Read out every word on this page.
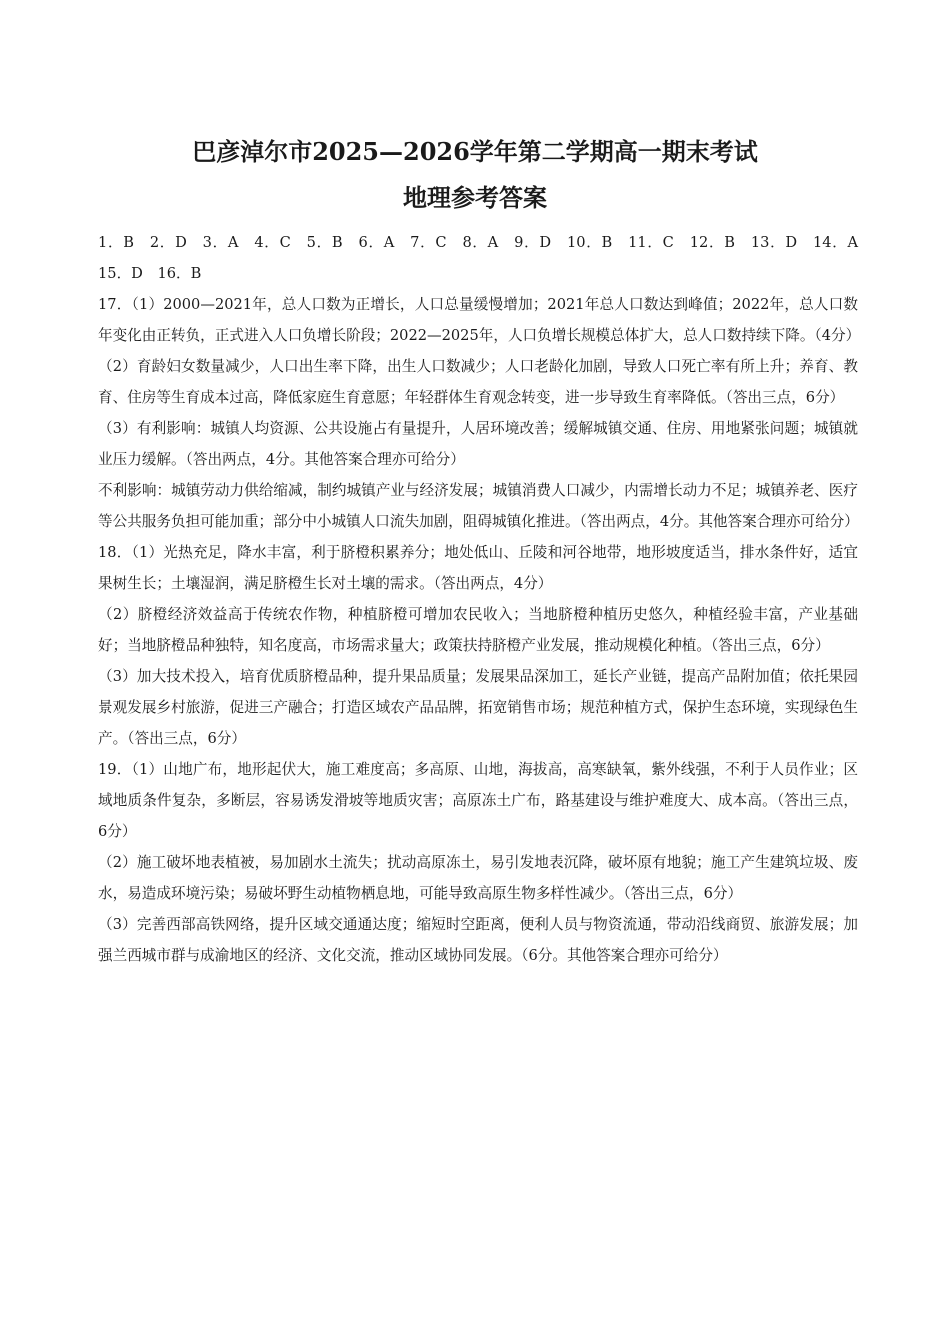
巴彦淖尔市2025—2026学年第二学期高一期末考试
地理参考答案

1．B　2．D　3．A　4．C　5．B　6．A　7．C　8．A　9．D　10．B　11．C　12．B　13．D　14．A　15．D　16．B

17．（1）2000—2021年，总人口数为正增长，人口总量缓慢增加；2021年总人口数达到峰值；2022年，总人口数年变化由正转负，正式进入人口负增长阶段；2022—2025年，人口负增长规模总体扩大，总人口数持续下降。（4分）

（2）育龄妇女数量减少，人口出生率下降，出生人口数减少；人口老龄化加剧，导致人口死亡率有所上升；养育、教育、住房等生育成本过高，降低家庭生育意愿；年轻群体生育观念转变，进一步导致生育率降低。（答出三点，6分）

（3）有利影响：城镇人均资源、公共设施占有量提升，人居环境改善；缓解城镇交通、住房、用地紧张问题；城镇就业压力缓解。（答出两点，4分。其他答案合理亦可给分）

不利影响：城镇劳动力供给缩减，制约城镇产业与经济发展；城镇消费人口减少，内需增长动力不足；城镇养老、医疗等公共服务负担可能加重；部分中小城镇人口流失加剧，阻碍城镇化推进。（答出两点，4分。其他答案合理亦可给分）

18．（1）光热充足，降水丰富，利于脐橙积累养分；地处低山、丘陵和河谷地带，地形坡度适当，排水条件好，适宜果树生长；土壤湿润，满足脐橙生长对土壤的需求。（答出两点，4分）

（2）脐橙经济效益高于传统农作物，种植脐橙可增加农民收入；当地脐橙种植历史悠久，种植经验丰富，产业基础好；当地脐橙品种独特，知名度高，市场需求量大；政策扶持脐橙产业发展，推动规模化种植。（答出三点，6分）

（3）加大技术投入，培育优质脐橙品种，提升果品质量；发展果品深加工，延长产业链，提高产品附加值；依托果园景观发展乡村旅游，促进三产融合；打造区域农产品品牌，拓宽销售市场；规范种植方式，保护生态环境，实现绿色生产。（答出三点，6分）

19．（1）山地广布，地形起伏大，施工难度高；多高原、山地，海拔高，高寒缺氧，紫外线强，不利于人员作业；区域地质条件复杂，多断层，容易诱发滑坡等地质灾害；高原冻土广布，路基建设与维护难度大、成本高。（答出三点，6分）

（2）施工破坏地表植被，易加剧水土流失；扰动高原冻土，易引发地表沉降，破坏原有地貌；施工产生建筑垃圾、废水，易造成环境污染；易破坏野生动植物栖息地，可能导致高原生物多样性减少。（答出三点，6分）

（3）完善西部高铁网络，提升区域交通通达度；缩短时空距离，便利人员与物资流通，带动沿线商贸、旅游发展；加强兰西城市群与成渝地区的经济、文化交流，推动区域协同发展。（6分。其他答案合理亦可给分）
